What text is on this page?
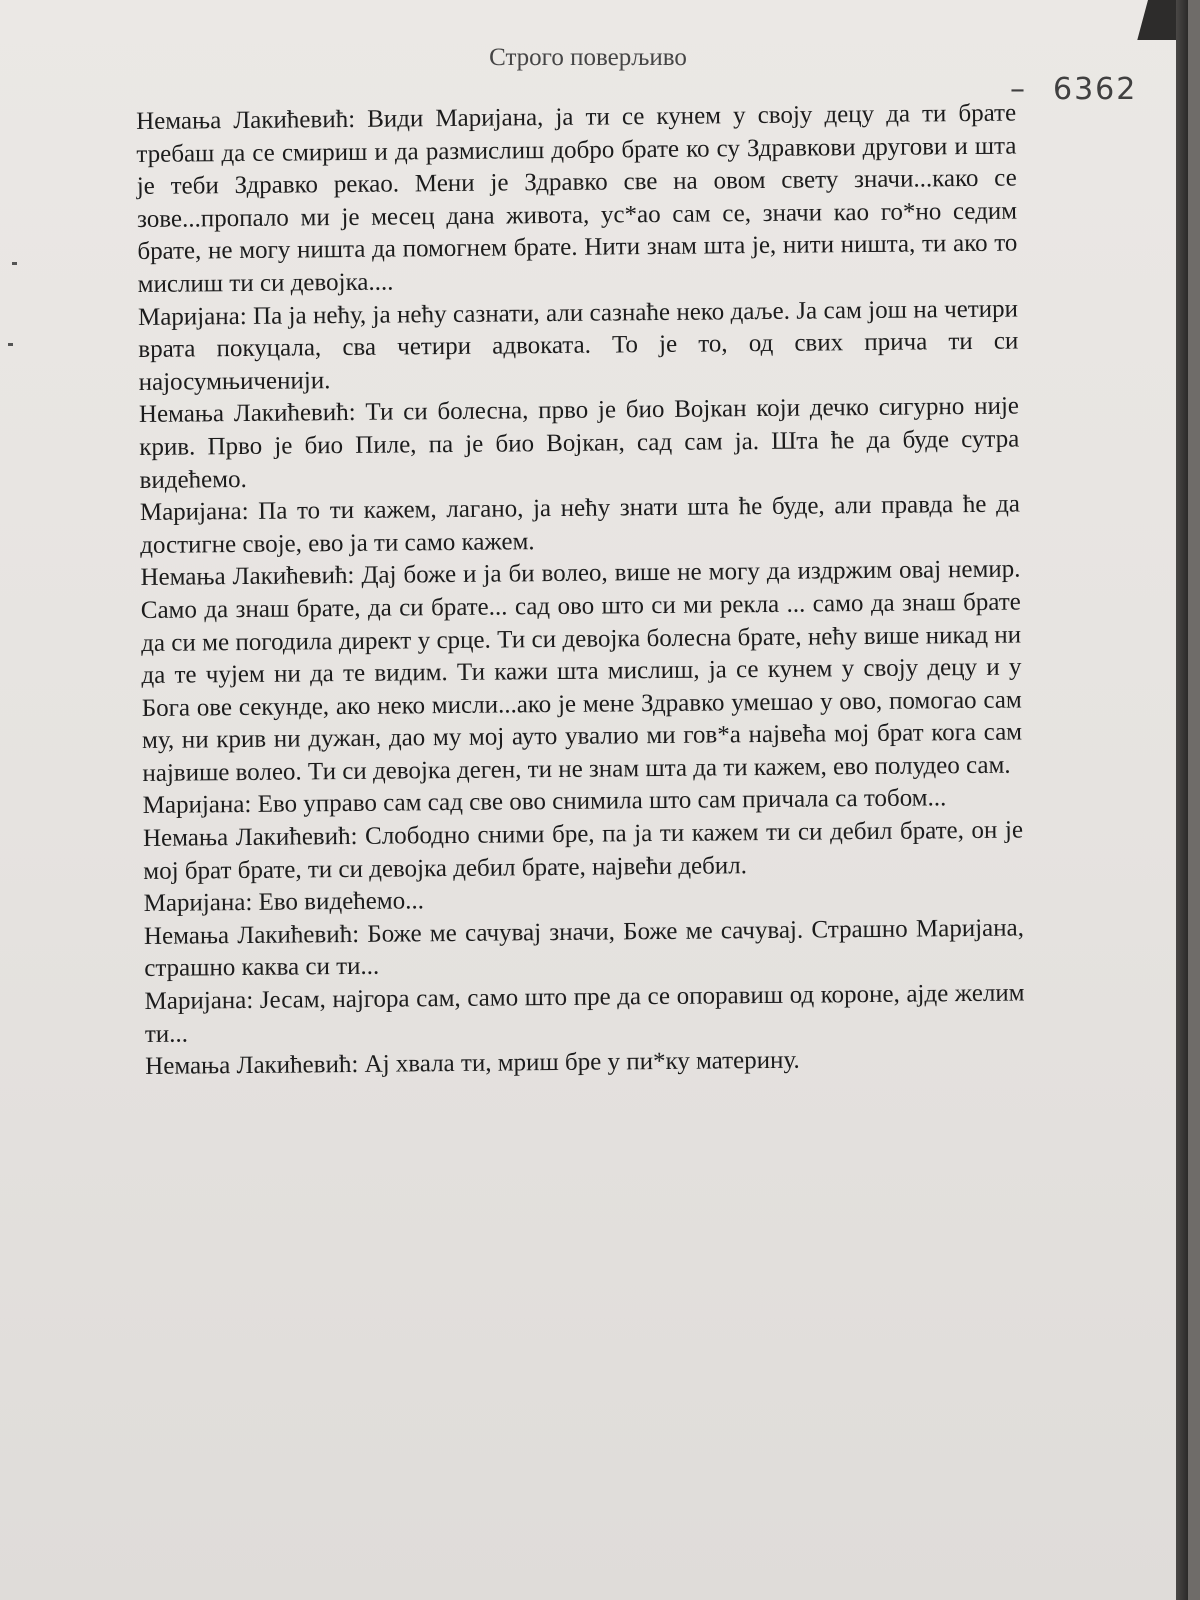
Строго поверљиво
– 6362

Немања Лакићевић: Види Маријана, ја ти се кунем у своју децу да ти брате требаш да се смириш и да размислиш добро брате ко су Здравкови другови и шта је теби Здравко рекао. Мени је Здравко све на овом свету значи...како се зове...пропало ми је месец дана живота, ус*ао сам се, значи као го*но седим брате, не могу ништа да помогнем брате. Нити знам шта је, нити ништа, ти ако то мислиш ти си девојка....

Маријана: Па ја нећу, ја нећу сазнати, али сазнаће неко даље. Ја сам још на четири врата покуцала, сва четири адвоката. То је то, од свих прича ти си најосумњиченији.

Немања Лакићевић: Ти си болесна, прво је био Војкан који дечко сигурно није крив. Прво је био Пиле, па је био Војкан, сад сам ја. Шта ће да буде сутра видећемо.

Маријана: Па то ти кажем, лагано, ја нећу знати шта ће буде, али правда ће да достигне своје, ево ја ти само кажем.

Немања Лакићевић: Дај боже и ја би волео, више не могу да издржим овај немир. Само да знаш брате, да си брате... сад ово што си ми рекла ... само да знаш брате да си ме погодила директ у срце. Ти си девојка болесна брате, нећу више никад ни да те чујем ни да те видим. Ти кажи шта мислиш, ја се кунем у своју децу и у Бога ове секунде, ако неко мисли...ако је мене Здравко умешао у ово, помогао сам му, ни крив ни дужан, дао му мој ауто увалио ми гов*а највећа мој брат кога сам највише волео. Ти си девојка деген, ти не знам шта да ти кажем, ево полудео сам.

Маријана: Ево управо сам сад све ово снимила што сам причала са тобом...

Немања Лакићевић: Слободно сними бре, па ја ти кажем ти си дебил брате, он је мој брат брате, ти си девојка дебил брате, највећи дебил.

Маријана: Ево видећемо...

Немања Лакићевић: Боже ме сачувај значи, Боже ме сачувај. Страшно Маријана, страшно каква си ти...

Маријана: Јесам, најгора сам, само што пре да се опоравиш од короне, ајде желим ти...

Немања Лакићевић: Ај хвала ти, мриш бре у пи*ку материну.
